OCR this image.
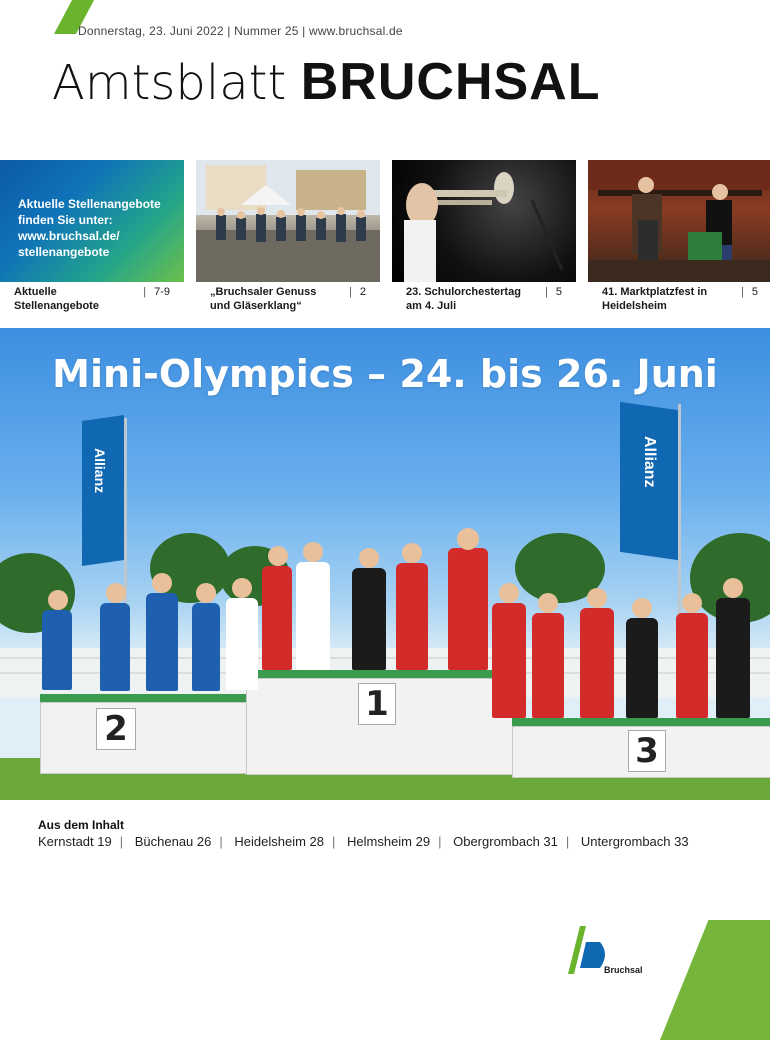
Donnerstag, 23. Juni 2022 | Nummer 25 | www.bruchsal.de
Amtsblatt BRUCHSAL
Aktuelle Stellenangebote finden Sie unter: www.bruchsal.de/ stellenangebote
Aktuelle Stellenangebote
| 7-9	„Bruchsaler Genuss und Gläserklang“
| 2	23. Schulorchestertag am 4. Juli
| 5	41. Marktplatzfest in Heidelsheim
| 5
Mini-Olympics – 24. bis 26. Juni
Allianz	Allianz
2
1
3
Aus dem Inhalt
Kernstadt 19 | Büchenau 26 | Heidelsheim 28 | Helmsheim 29 | Obergrombach 31 | Untergrombach 33
Bruchsal
